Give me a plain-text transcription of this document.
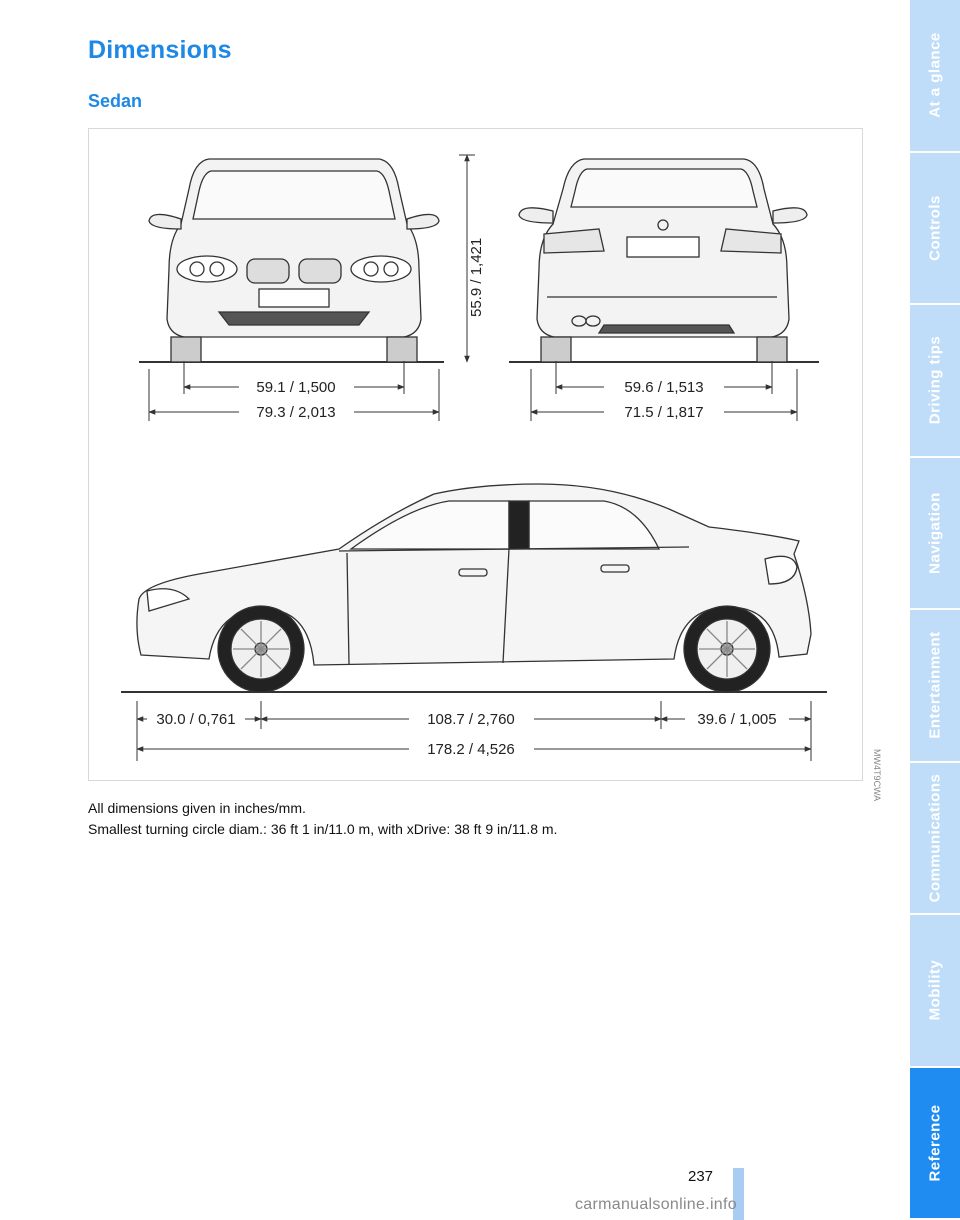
Dimensions
Sedan
55.9 / 1,421
59.1 / 1,500
79.3 / 2,013
59.6 / 1,513
71.5 / 1,817
30.0 / 0,761	108.7 / 2,760	39.6 / 1,005
178.2 / 4,526	MW4T9CWA
All dimensions given in inches/mm.
Smallest turning circle diam.: 36 ft 1 in/11.0 m, with xDrive: 38 ft 9 in/11.8 m.
237
carmanualsonline.info
At a glance
Controls
Driving tips
Navigation
Entertainment
Communications
Mobility
Reference
